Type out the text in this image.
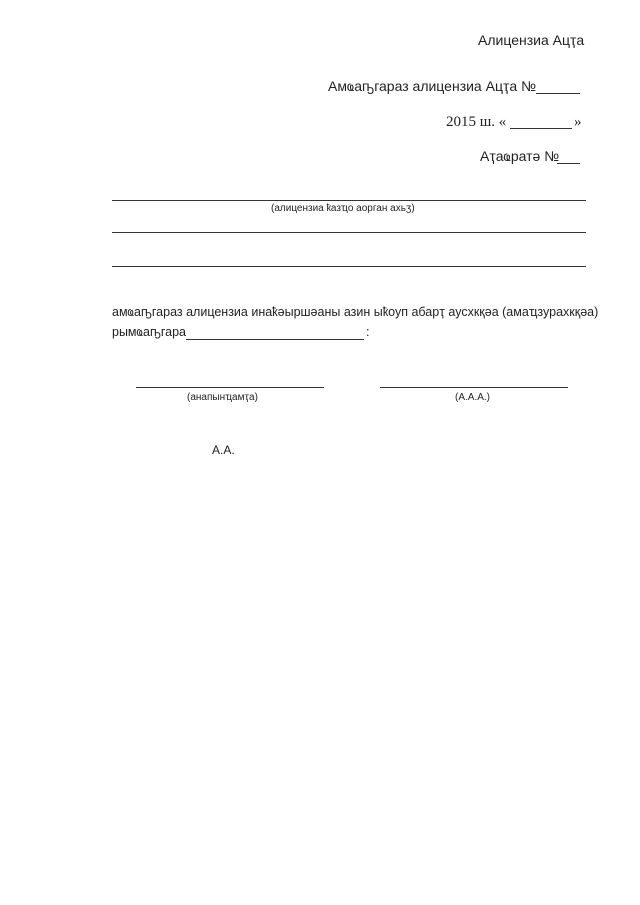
Алицензиа Ацҭа
Амҩаҧгараз алицензиа Ацҭа №
2015 ш. «	»
Аҭаҩратә №
(алицензиа ҟазҵо аорган ахьӡ)
амҩаҧгараз алицензиа инаҟәыршәаны азин ыҟоуп абарҭ аусхкқәа (амаҵзурахкқәа)
рымҩаҧгара	:
(анапынҵамҭа)	(А.А.А.)
А.А.
